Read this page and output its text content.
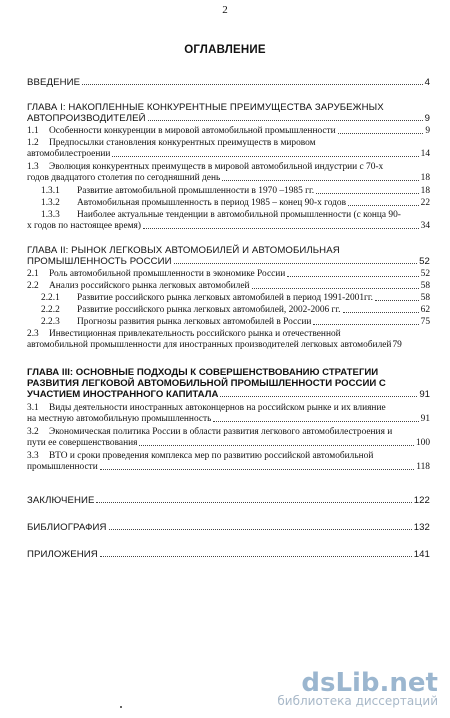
2
ОГЛАВЛЕНИЕ
ВВЕДЕНИЕ	4
ГЛАВА I: НАКОПЛЕННЫЕ КОНКУРЕНТНЫЕ ПРЕИМУЩЕСТВА ЗАРУБЕЖНЫХ
АВТОПРОИЗВОДИТЕЛЕЙ	9
1.1	Особенности конкуренции в мировой автомобильной промышленности	9
1.2 Предпосылки становления конкурентных преимуществ в мировом
автомобилестроении	14
1.3 Эволюция конкурентных преимуществ в мировой автомобильной индустрии с 70-х
годов двадцатого столетия по сегодняшний день	18
1.3.1	Развитие автомобильной промышленности в 1970 –1985 гг.	18
1.3.2	Автомобильная промышленность в период 1985 – конец 90-х годов	22
1.3.3 Наиболее актуальные тенденции в автомобильной промышленности (с конца 90-
х годов по настоящее время)	34
ГЛАВА II: РЫНОК ЛЕГКОВЫХ АВТОМОБИЛЕЙ И АВТОМОБИЛЬНАЯ
ПРОМЫШЛЕННОСТЬ РОССИИ	52
2.1	Роль автомобильной промышленности в экономике России	52
2.2	Анализ российского рынка легковых автомобилей	58
2.2.1	Развитие российского рынка легковых автомобилей в период 1991-2001гг.	58
2.2.2	Развитие российского рынка легковых автомобилей, 2002-2006 гг.	62
2.2.3	Прогнозы развития рынка легковых автомобилей в России	75
2.3 Инвестиционная привлекательность российского рынка и отечественной
автомобильной промышленности для иностранных производителей легковых автомобилей 79
ГЛАВА III: ОСНОВНЫЕ ПОДХОДЫ К СОВЕРШЕНСТВОВАНИЮ СТРАТЕГИИ
РАЗВИТИЯ ЛЕГКОВОЙ АВТОМОБИЛЬНОЙ ПРОМЫШЛЕННОСТИ РОССИИ С
УЧАСТИЕМ ИНОСТРАННОГО КАПИТАЛА	91
3.1 Виды деятельности иностранных автоконцернов на российском рынке и их влияние
на местную автомобильную промышленность	91
3.2 Экономическая политика России в области развития легкового автомобилестроения и
пути ее совершенствования	100
3.3 ВТО и сроки проведения комплекса мер по развитию российской автомобильной
промышленности	118
ЗАКЛЮЧЕНИЕ	122
БИБЛИОГРАФИЯ	132
ПРИЛОЖЕНИЯ	141
dsLib.net
библиотека диссертаций
